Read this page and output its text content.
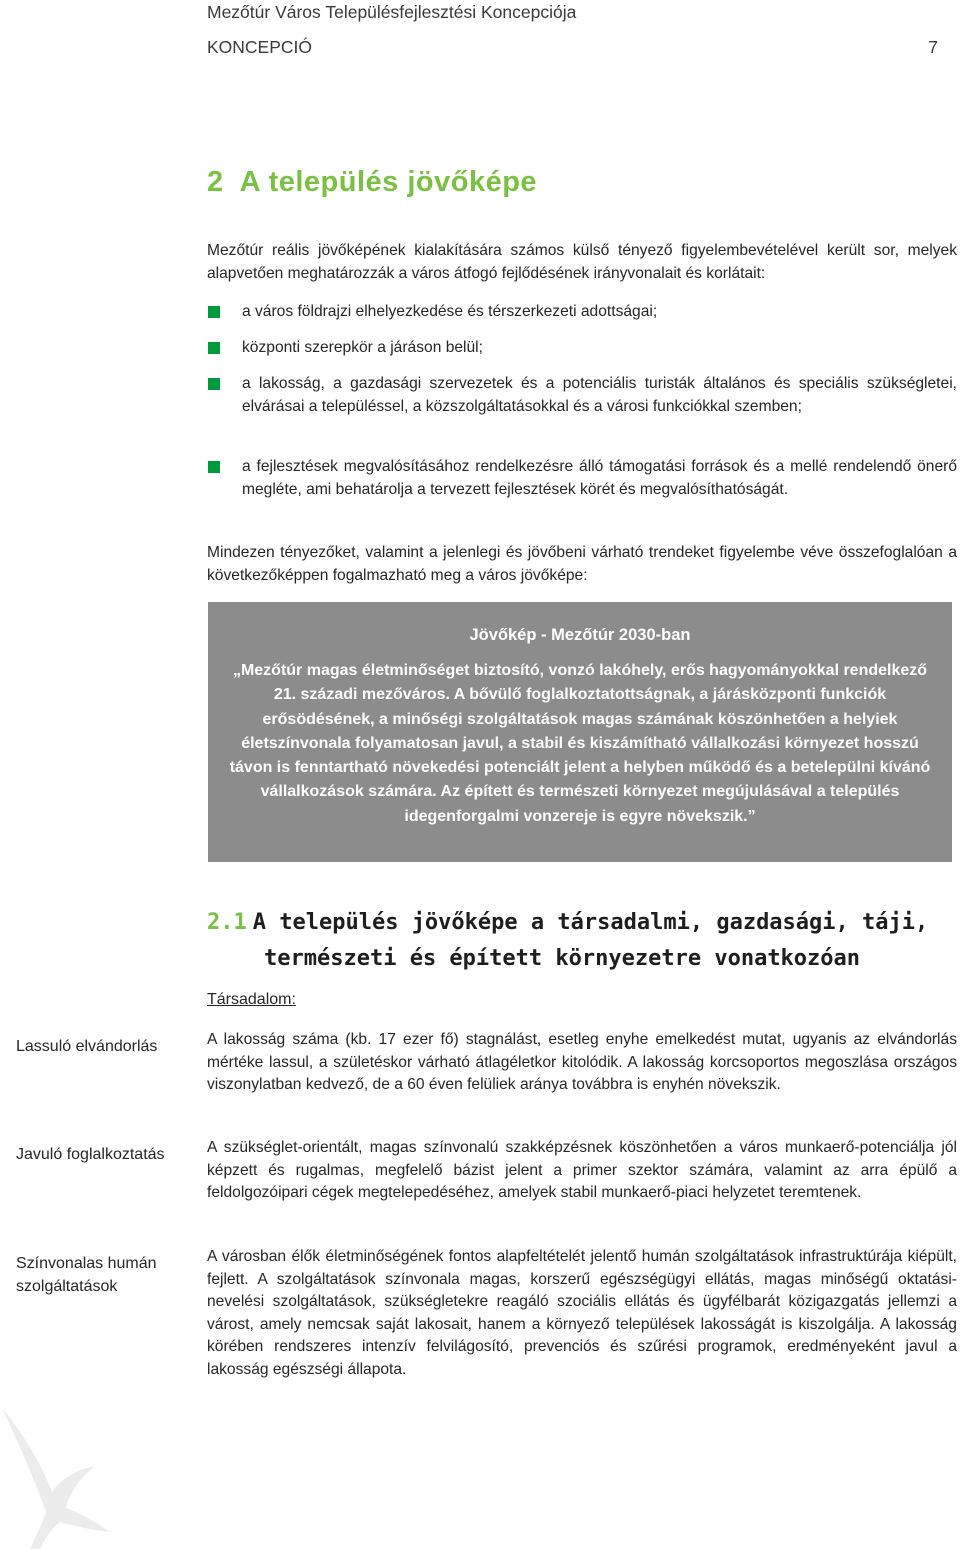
Mezőtúr Város Településfejlesztési Koncepciója
KONCEPCIÓ	7
2 A település jövőképe
Mezőtúr reális jövőképének kialakítására számos külső tényező figyelembevételével került sor, melyek alapvetően meghatározzák a város átfogó fejlődésének irányvonalait és korlátait:
a város földrajzi elhelyezkedése és térszerkezeti adottságai;
központi szerepkör a járáson belül;
a lakosság, a gazdasági szervezetek és a potenciális turisták általános és speciális szükségletei, elvárásai a településsel, a közszolgáltatásokkal és a városi funkciókkal szemben;
a fejlesztések megvalósításához rendelkezésre álló támogatási források és a mellé rendelendő önerő megléte, ami behatárolja a tervezett fejlesztések körét és megvalósíthatóságát.
Mindezen tényezőket, valamint a jelenlegi és jövőbeni várható trendeket figyelembe véve összefoglalóan a következőképpen fogalmazható meg a város jövőképe:
Jövőkép - Mezőtúr 2030-ban
„Mezőtúr magas életminőséget biztosító, vonzó lakóhely, erős hagyományokkal rendelkező 21. századi mezőváros. A bővülő foglalkoztatottságnak, a járásközponti funkciók erősödésének, a minőségi szolgáltatások magas számának köszönhetően a helyiek életszínvonala folyamatosan javul, a stabil és kiszámítható vállalkozási környezet hosszú távon is fenntartható növekedési potenciált jelent a helyben működő és a betelepülni kívánó vállalkozások számára. Az épített és természeti környezet megújulásával a település idegenforgalmi vonzereje is egyre növekszik.”
2.1 A település jövőképe a társadalmi, gazdasági, táji,
természeti és épített környezetre vonatkozóan
Társadalom:
Lassuló elvándorlás
Javuló foglalkoztatás
Színvonalas humán szolgáltatások
A lakosság száma (kb. 17 ezer fő) stagnálást, esetleg enyhe emelkedést mutat, ugyanis az elvándorlás mértéke lassul, a születéskor várható átlagéletkor kitolódik. A lakosság korcsoportos megoszlása országos viszonylatban kedvező, de a 60 éven felüliek aránya továbbra is enyhén növekszik.
A szükséglet-orientált, magas színvonalú szakképzésnek köszönhetően a város munkaerő-potenciálja jól képzett és rugalmas, megfelelő bázist jelent a primer szektor számára, valamint az arra épülő a feldolgozóipari cégek megtelepedéséhez, amelyek stabil munkaerő-piaci helyzetet teremtenek.
A városban élők életminőségének fontos alapfeltételét jelentő humán szolgáltatások infrastruktúrája kiépült, fejlett. A szolgáltatások színvonala magas, korszerű egészségügyi ellátás, magas minőségű oktatási-nevelési szolgáltatások, szükségletekre reagáló szociális ellátás és ügyfélbarát közigazgatás jellemzi a várost, amely nemcsak saját lakosait, hanem a környező települések lakosságát is kiszolgálja. A lakosság körében rendszeres intenzív felvilágosító, prevenciós és szűrési programok, eredményeként javul a lakosság egészségi állapota.
